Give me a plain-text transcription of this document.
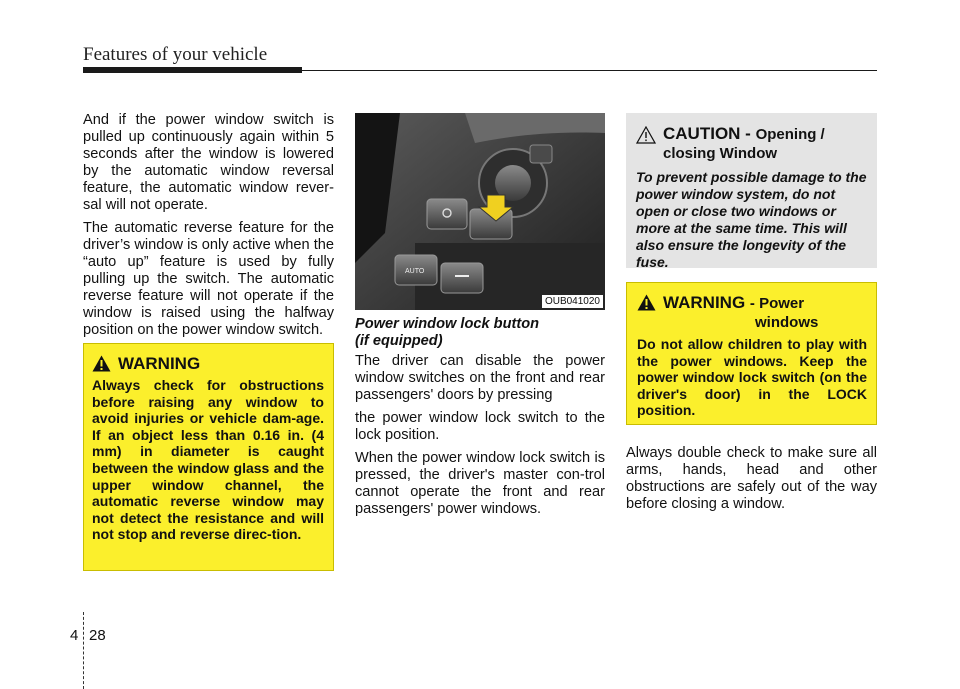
Features of your vehicle

And if the power window switch is pulled up continuously again within 5 seconds after the window is lowered by the automatic window reversal feature, the automatic window rever-sal will not operate.

The automatic reverse feature for the driver’s window is only active when the “auto up” feature is used by fully pulling up the switch. The automatic reverse feature will not operate if the window is raised using the halfway position on the power window switch.

WARNING
Always check for obstructions before raising any window to avoid injuries or vehicle dam-age. If an object less than 0.16 in. (4 mm) in diameter is caught between the window glass and the upper window channel, the automatic reverse window may not detect the resistance and will not stop and reverse direc-tion.
AUTO
OUB041020
Power window lock button
(if equipped)

The driver can disable the power window switches on the front and rear passengers' doors by pressing

the power window lock switch to the lock position.

When the power window lock switch is pressed, the driver's master con-trol cannot operate the front and rear passengers' power windows.

CAUTION - Opening /
closing Window
To prevent possible damage to the power window system, do not open or close two windows or more at the same time. This will also ensure the longevity of the fuse.
WARNING - Power
windows
Do not allow children to play with the power windows. Keep the power window lock switch (on the driver's door) in the LOCK position.

Always double check to make sure all arms, hands, head and other obstructions are safely out of the way before closing a window.

4 28
